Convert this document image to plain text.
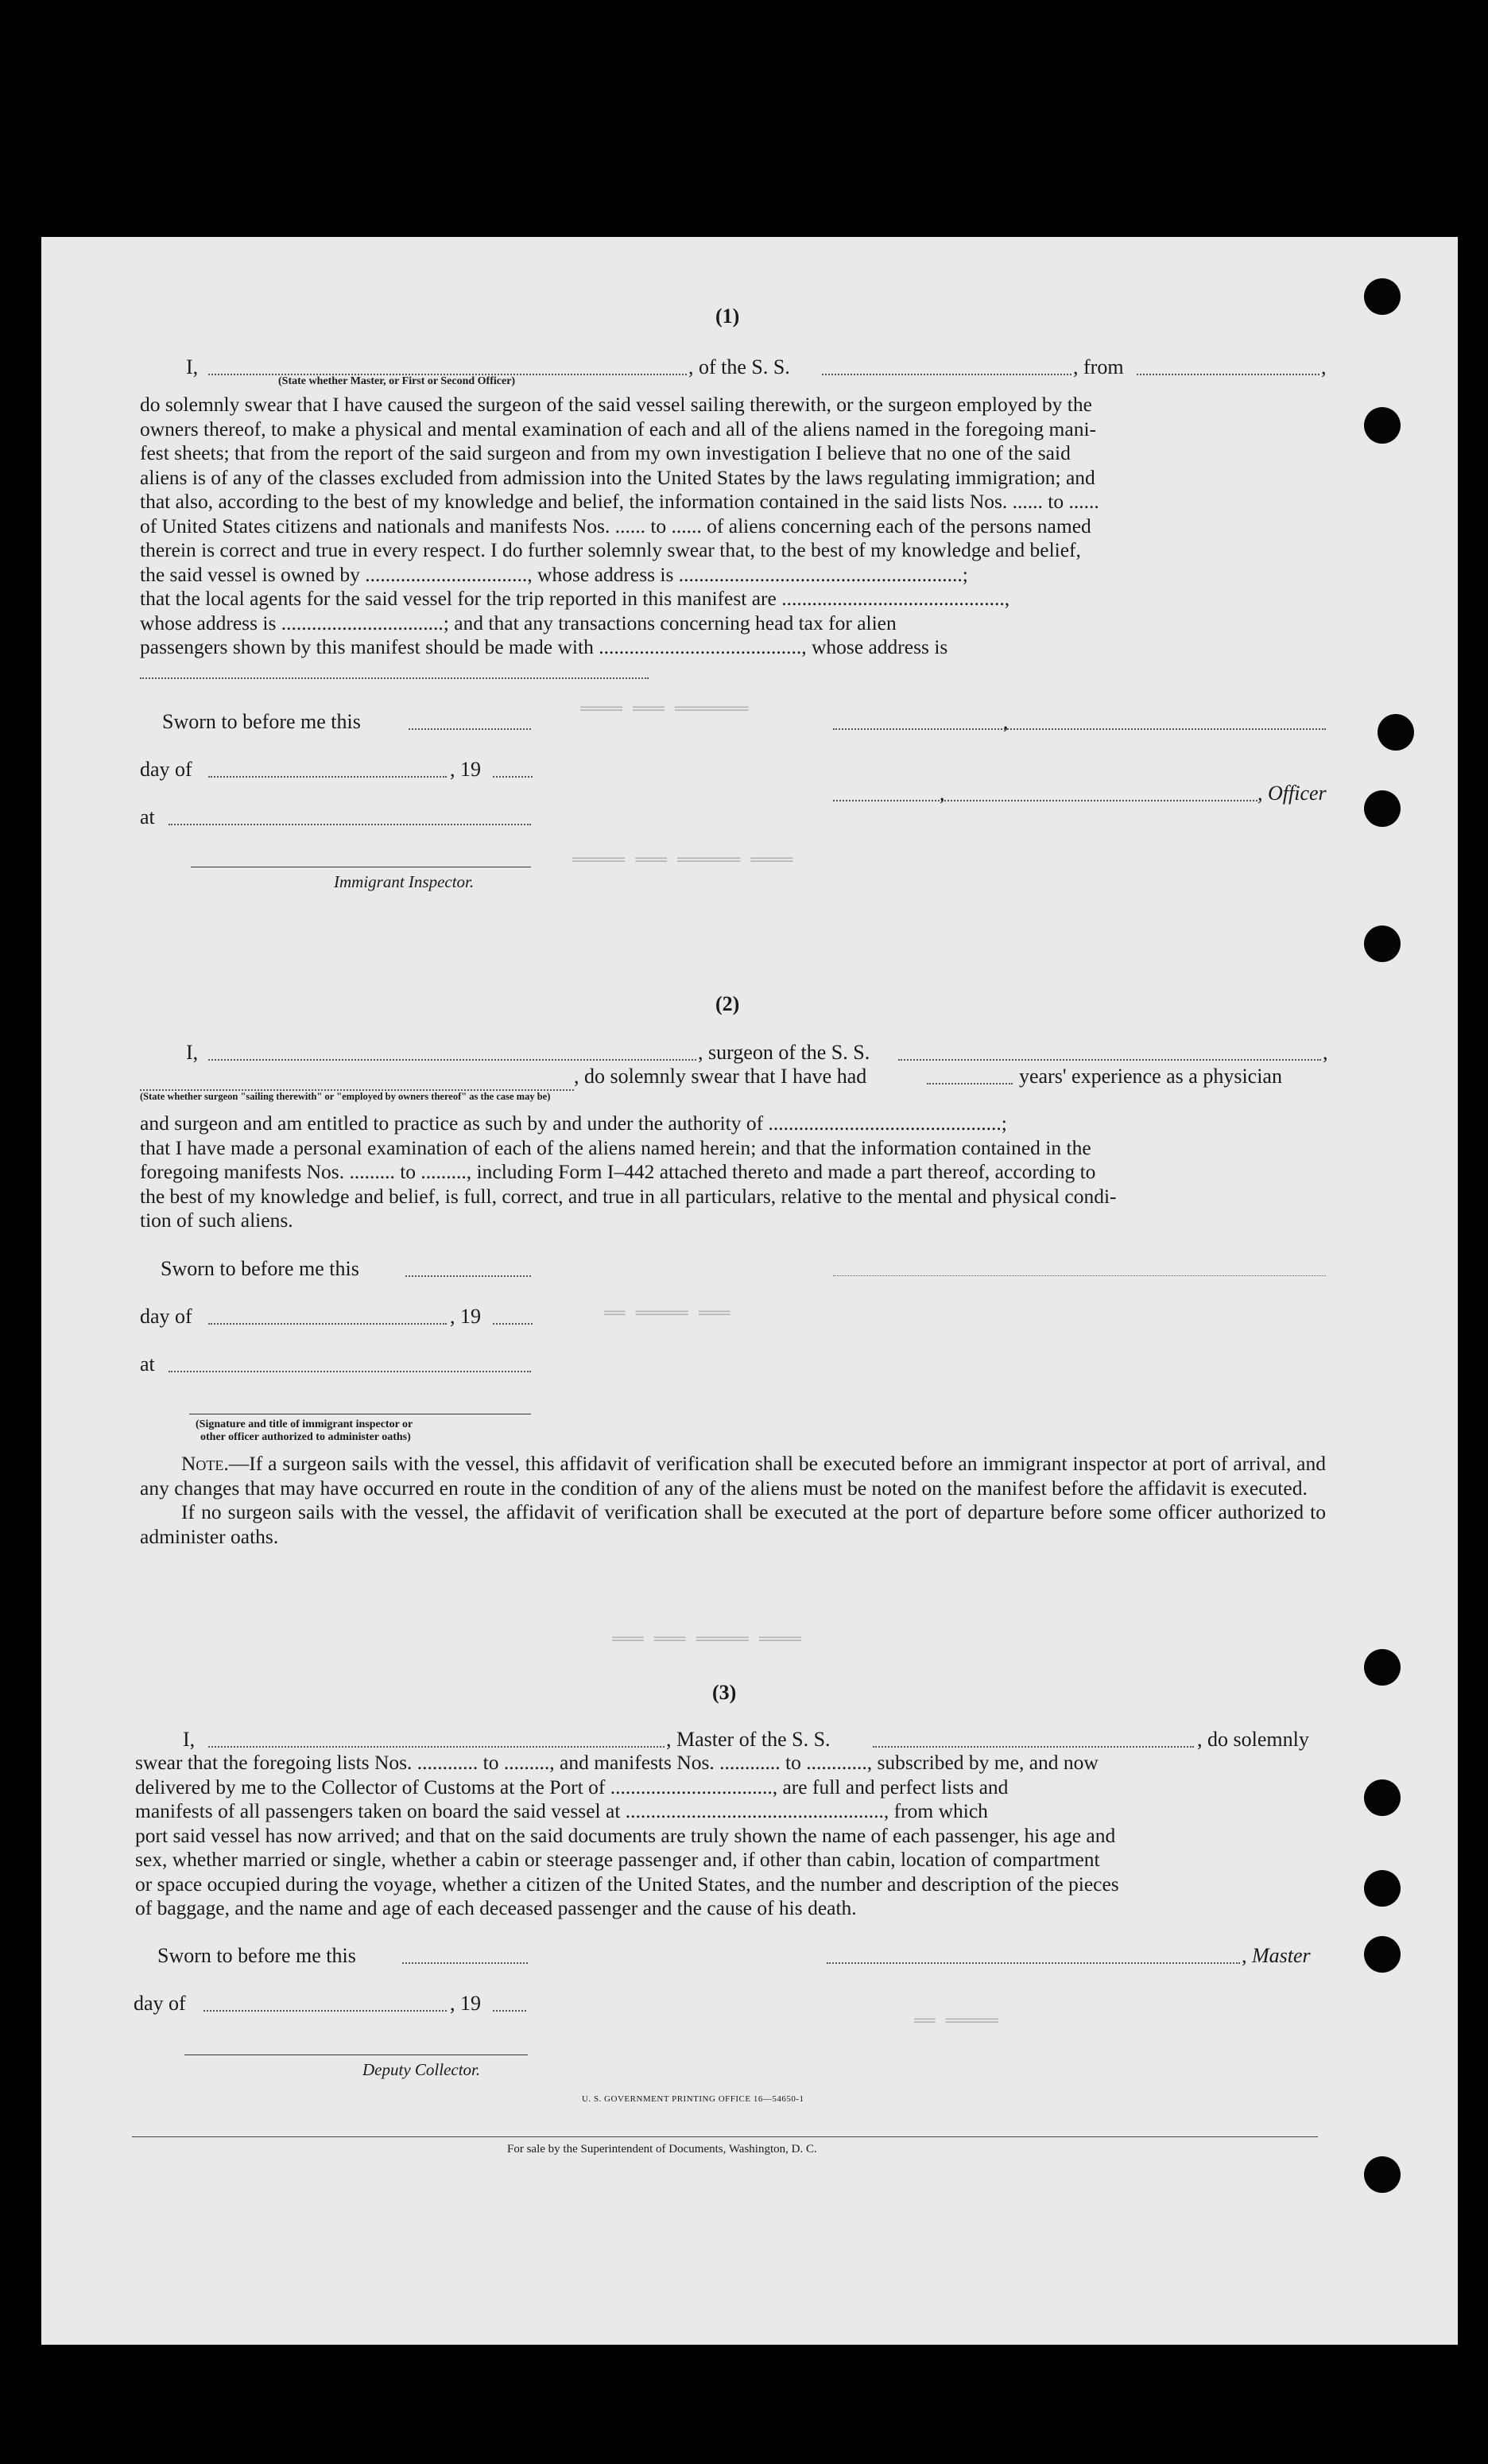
════ ═══ ═══════
═════ ═══ ══════ ════
══ ═════ ═══
═══ ═══ ═════ ════
══ ═════
(1)
I,	, of the S. S.	, from	,
(State whether Master, or First or Second Officer)

do solemnly swear that I have caused the surgeon of the said vessel sailing therewith, or the surgeon employed by the

owners thereof, to make a physical and mental examination of each and all of the aliens named in the foregoing mani-

fest sheets; that from the report of the said surgeon and from my own investigation I believe that no one of the said

aliens is of any of the classes excluded from admission into the United States by the laws regulating immigration; and

that also, according to the best of my knowledge and belief, the information contained in the said lists Nos. ...... to ......

of United States citizens and nationals and manifests Nos. ...... to ...... of aliens concerning each of the persons named

therein is correct and true in every respect. I do further solemnly swear that, to the best of my knowledge and belief,

the said vessel is owned by ................................, whose address is ........................................................;

that the local agents for the said vessel for the trip reported in this manifest are ............................................,

whose address is ................................; and that any transactions concerning head tax for alien

passengers shown by this manifest should be made with ........................................, whose address is

Sworn to before me this	,
day of	, 19
,	, Officer
at
Immigrant Inspector.
(2)
I,	, surgeon of the S. S.	,
, do solemnly swear that I have had	years' experience as a physician
(State whether surgeon "sailing therewith" or "employed by owners thereof" as the case may be)

and surgeon and am entitled to practice as such by and under the authority of ..............................................;

that I have made a personal examination of each of the aliens named herein; and that the information contained in the

foregoing manifests Nos. ......... to ........., including Form I–442 attached thereto and made a part thereof, according to

the best of my knowledge and belief, is full, correct, and true in all particulars, relative to the mental and physical condi-

tion of such aliens.

Sworn to before me this
day of	, 19
at
(Signature and title of immigrant inspector or
other officer authorized to administer oaths)

Note.—If a surgeon sails with the vessel, this affidavit of verification shall be executed before an immigrant inspector at port of arrival, and any changes that may have occurred en route in the condition of any of the aliens must be noted on the manifest before the affidavit is executed.

If no surgeon sails with the vessel, the affidavit of verification shall be executed at the port of departure before some officer authorized to administer oaths.

(3)
I,	, Master of the S. S.	, do solemnly

swear that the foregoing lists Nos. ............ to ........., and manifests Nos. ............ to ............, subscribed by me, and now

delivered by me to the Collector of Customs at the Port of ................................, are full and perfect lists and

manifests of all passengers taken on board the said vessel at ..................................................., from which

port said vessel has now arrived; and that on the said documents are truly shown the name of each passenger, his age and

sex, whether married or single, whether a cabin or steerage passenger and, if other than cabin, location of compartment

or space occupied during the voyage, whether a citizen of the United States, and the number and description of the pieces

of baggage, and the name and age of each deceased passenger and the cause of his death.

Sworn to before me this	, Master
day of	, 19
Deputy Collector.
U. S. GOVERNMENT PRINTING OFFICE 16—54650-1
For sale by the Superintendent of Documents, Washington, D. C.
